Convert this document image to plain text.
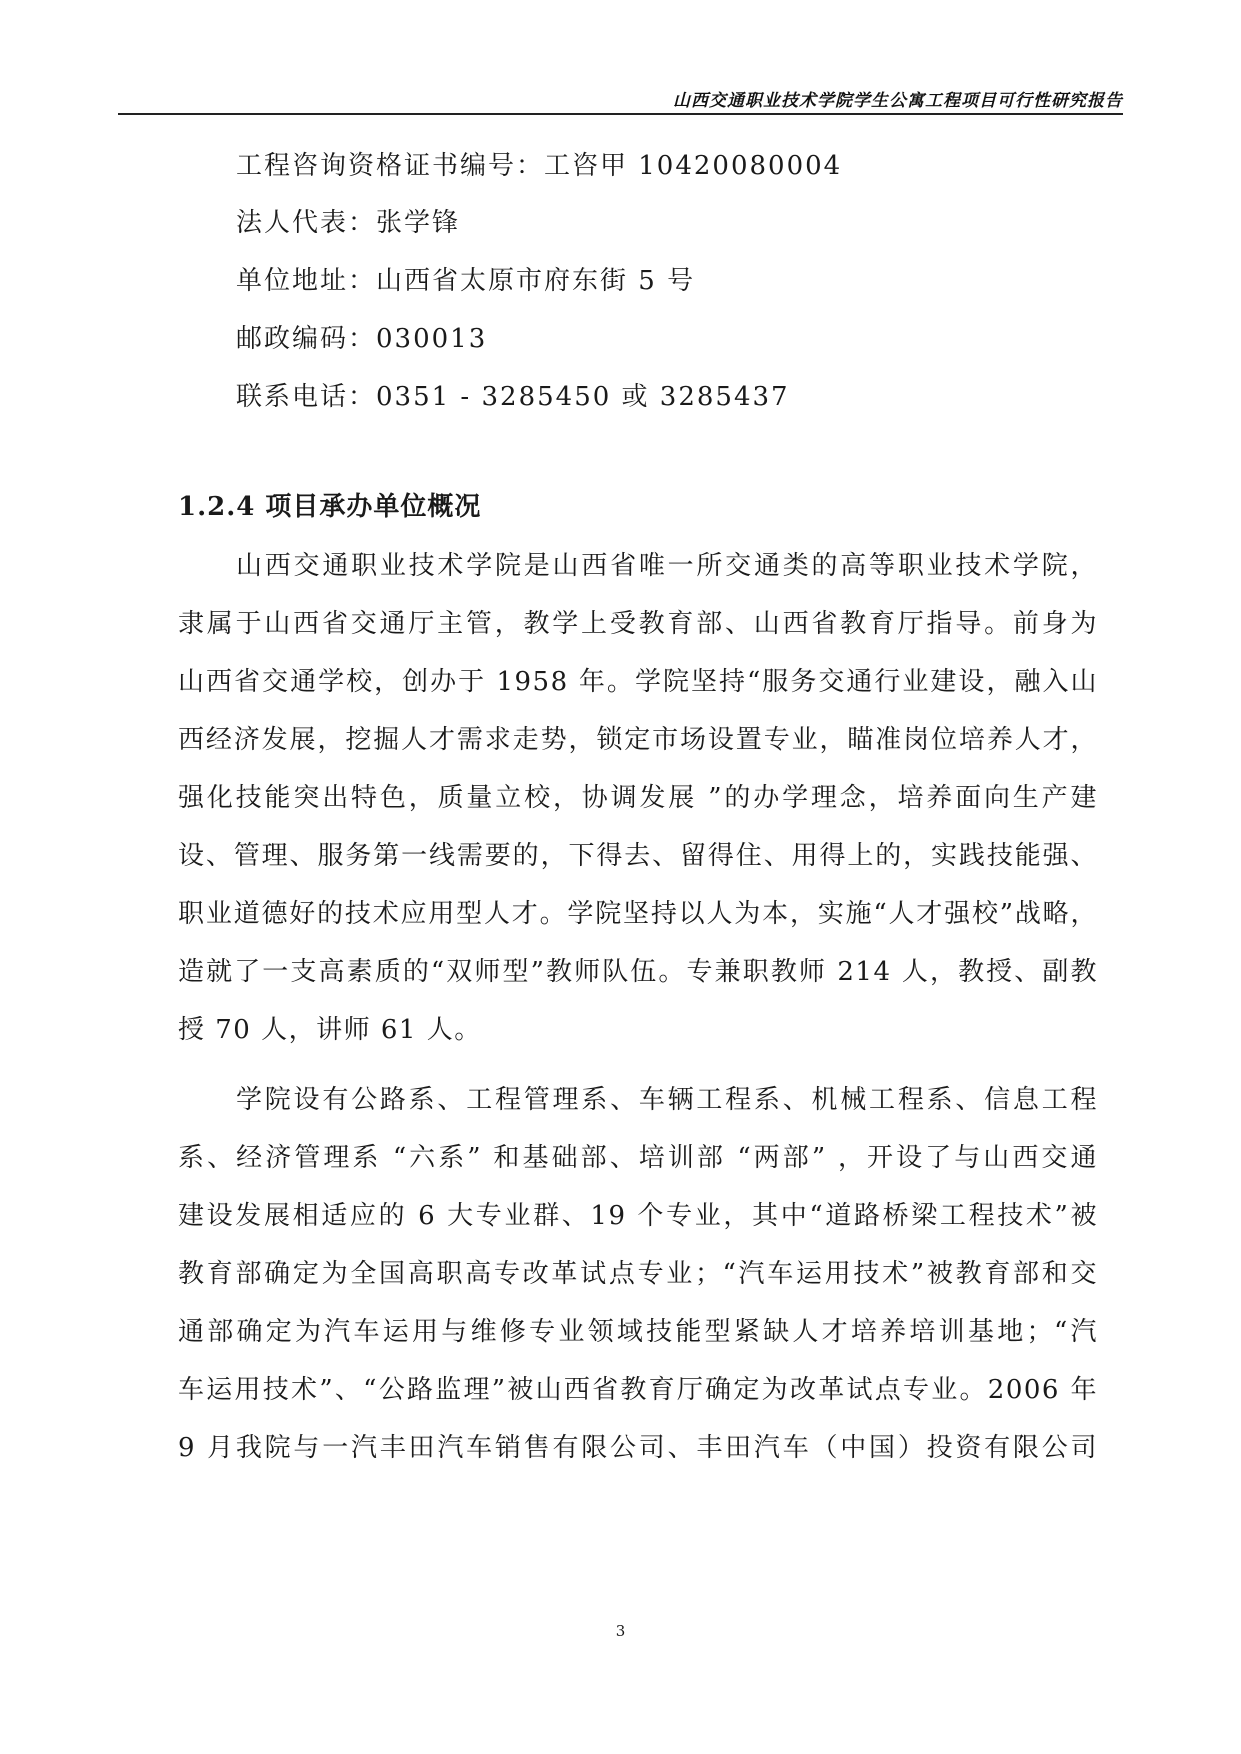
山西交通职业技术学院学生公寓工程项目可行性研究报告
工程咨询资格证书编号：工咨甲 10420080004
法人代表：张学锋
单位地址：山西省太原市府东街 5 号
邮政编码：030013
联系电话：0351 - 3285450 或 3285437
1.2.4 项目承办单位概况
山西交通职业技术学院是山西省唯一所交通类的高等职业技术学院，
隶属于山西省交通厅主管，教学上受教育部、山西省教育厅指导。前身为
山西省交通学校，创办于 1958 年。学院坚持“服务交通行业建设，融入山
西经济发展，挖掘人才需求走势，锁定市场设置专业，瞄准岗位培养人才，
强化技能突出特色，质量立校，协调发展 ”的办学理念，培养面向生产建
设、管理、服务第一线需要的，下得去、留得住、用得上的，实践技能强、
职业道德好的技术应用型人才。学院坚持以人为本，实施“人才强校”战略，
造就了一支高素质的“双师型”教师队伍。专兼职教师 214 人，教授、副教
授 70 人，讲师 61 人。
学院设有公路系、工程管理系、车辆工程系、机械工程系、信息工程
系、经济管理系 “六系” 和基础部、培训部 “两部” ，开设了与山西交通
建设发展相适应的 6 大专业群、19 个专业，其中“道路桥梁工程技术”被
教育部确定为全国高职高专改革试点专业；“汽车运用技术”被教育部和交
通部确定为汽车运用与维修专业领域技能型紧缺人才培养培训基地；“汽
车运用技术”、“公路监理”被山西省教育厅确定为改革试点专业。2006 年
9 月我院与一汽丰田汽车销售有限公司、丰田汽车（中国）投资有限公司
3
